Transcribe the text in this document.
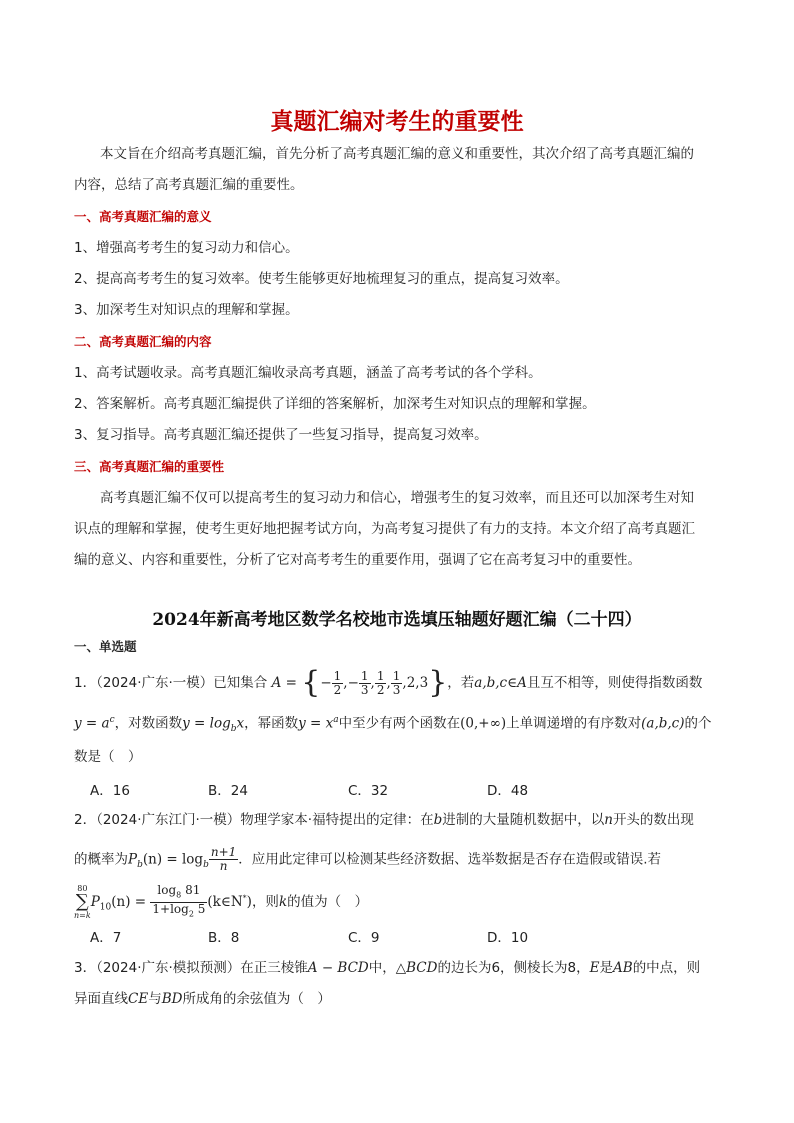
真题汇编对考生的重要性
本文旨在介绍高考真题汇编，首先分析了高考真题汇编的意义和重要性，其次介绍了高考真题汇编的
内容，总结了高考真题汇编的重要性。
一、高考真题汇编的意义
1、增强高考考生的复习动力和信心。
2、提高高考考生的复习效率。使考生能够更好地梳理复习的重点，提高复习效率。
3、加深考生对知识点的理解和掌握。
二、高考真题汇编的内容
1、高考试题收录。高考真题汇编收录高考真题，涵盖了高考考试的各个学科。
2、答案解析。高考真题汇编提供了详细的答案解析，加深考生对知识点的理解和掌握。
3、复习指导。高考真题汇编还提供了一些复习指导，提高复习效率。
三、高考真题汇编的重要性
高考真题汇编不仅可以提高考生的复习动力和信心，增强考生的复习效率，而且还可以加深考生对知
识点的理解和掌握，使考生更好地把握考试方向，为高考复习提供了有力的支持。本文介绍了高考真题汇
编的意义、内容和重要性，分析了它对高考考生的重要作用，强调了它在高考复习中的重要性。
2024年新高考地区数学名校地市选填压轴题好题汇编（二十四）
一、单选题
1．（2024·广东·一模）已知集合 A = {− $\frac{1}{2}$ ,− $\frac{1}{3}$ , $\frac{1}{2}$ , $\frac{1}{3} ,2,3$}，若a,b,c∈A且互不相等，则使得指数函数
$y = a^c$，对数函数$y = \log_bx$，幂函数$y = x^a$中至少有两个函数在(0,+∞)上单调递增的有序数对(a,b,c)的个
数是（　）
A．16	B．24	C．32	D．48
2．（2024·广东江门·一模）物理学家本·福特提出的定律：在b进制的大量随机数据中，以n开头的数出现
的概率为$P_b(n) = \log_b \frac{n+1}{n}$ ．应用此定律可以检测某些经济数据、选举数据是否存在造假或错误.若
80
∑
n=k
$P_{10}(n) = \frac{\log_8 81}{1+\log_2 5}$ (k∈N*)，则k的值为（　）
A．7	B．8	C．9	D．10
3．（2024·广东·模拟预测）在正三棱锥A − BCD中，△BCD的边长为6，侧棱长为8，E是AB的中点，则
异面直线CE与BD所成角的余弦值为（　）
